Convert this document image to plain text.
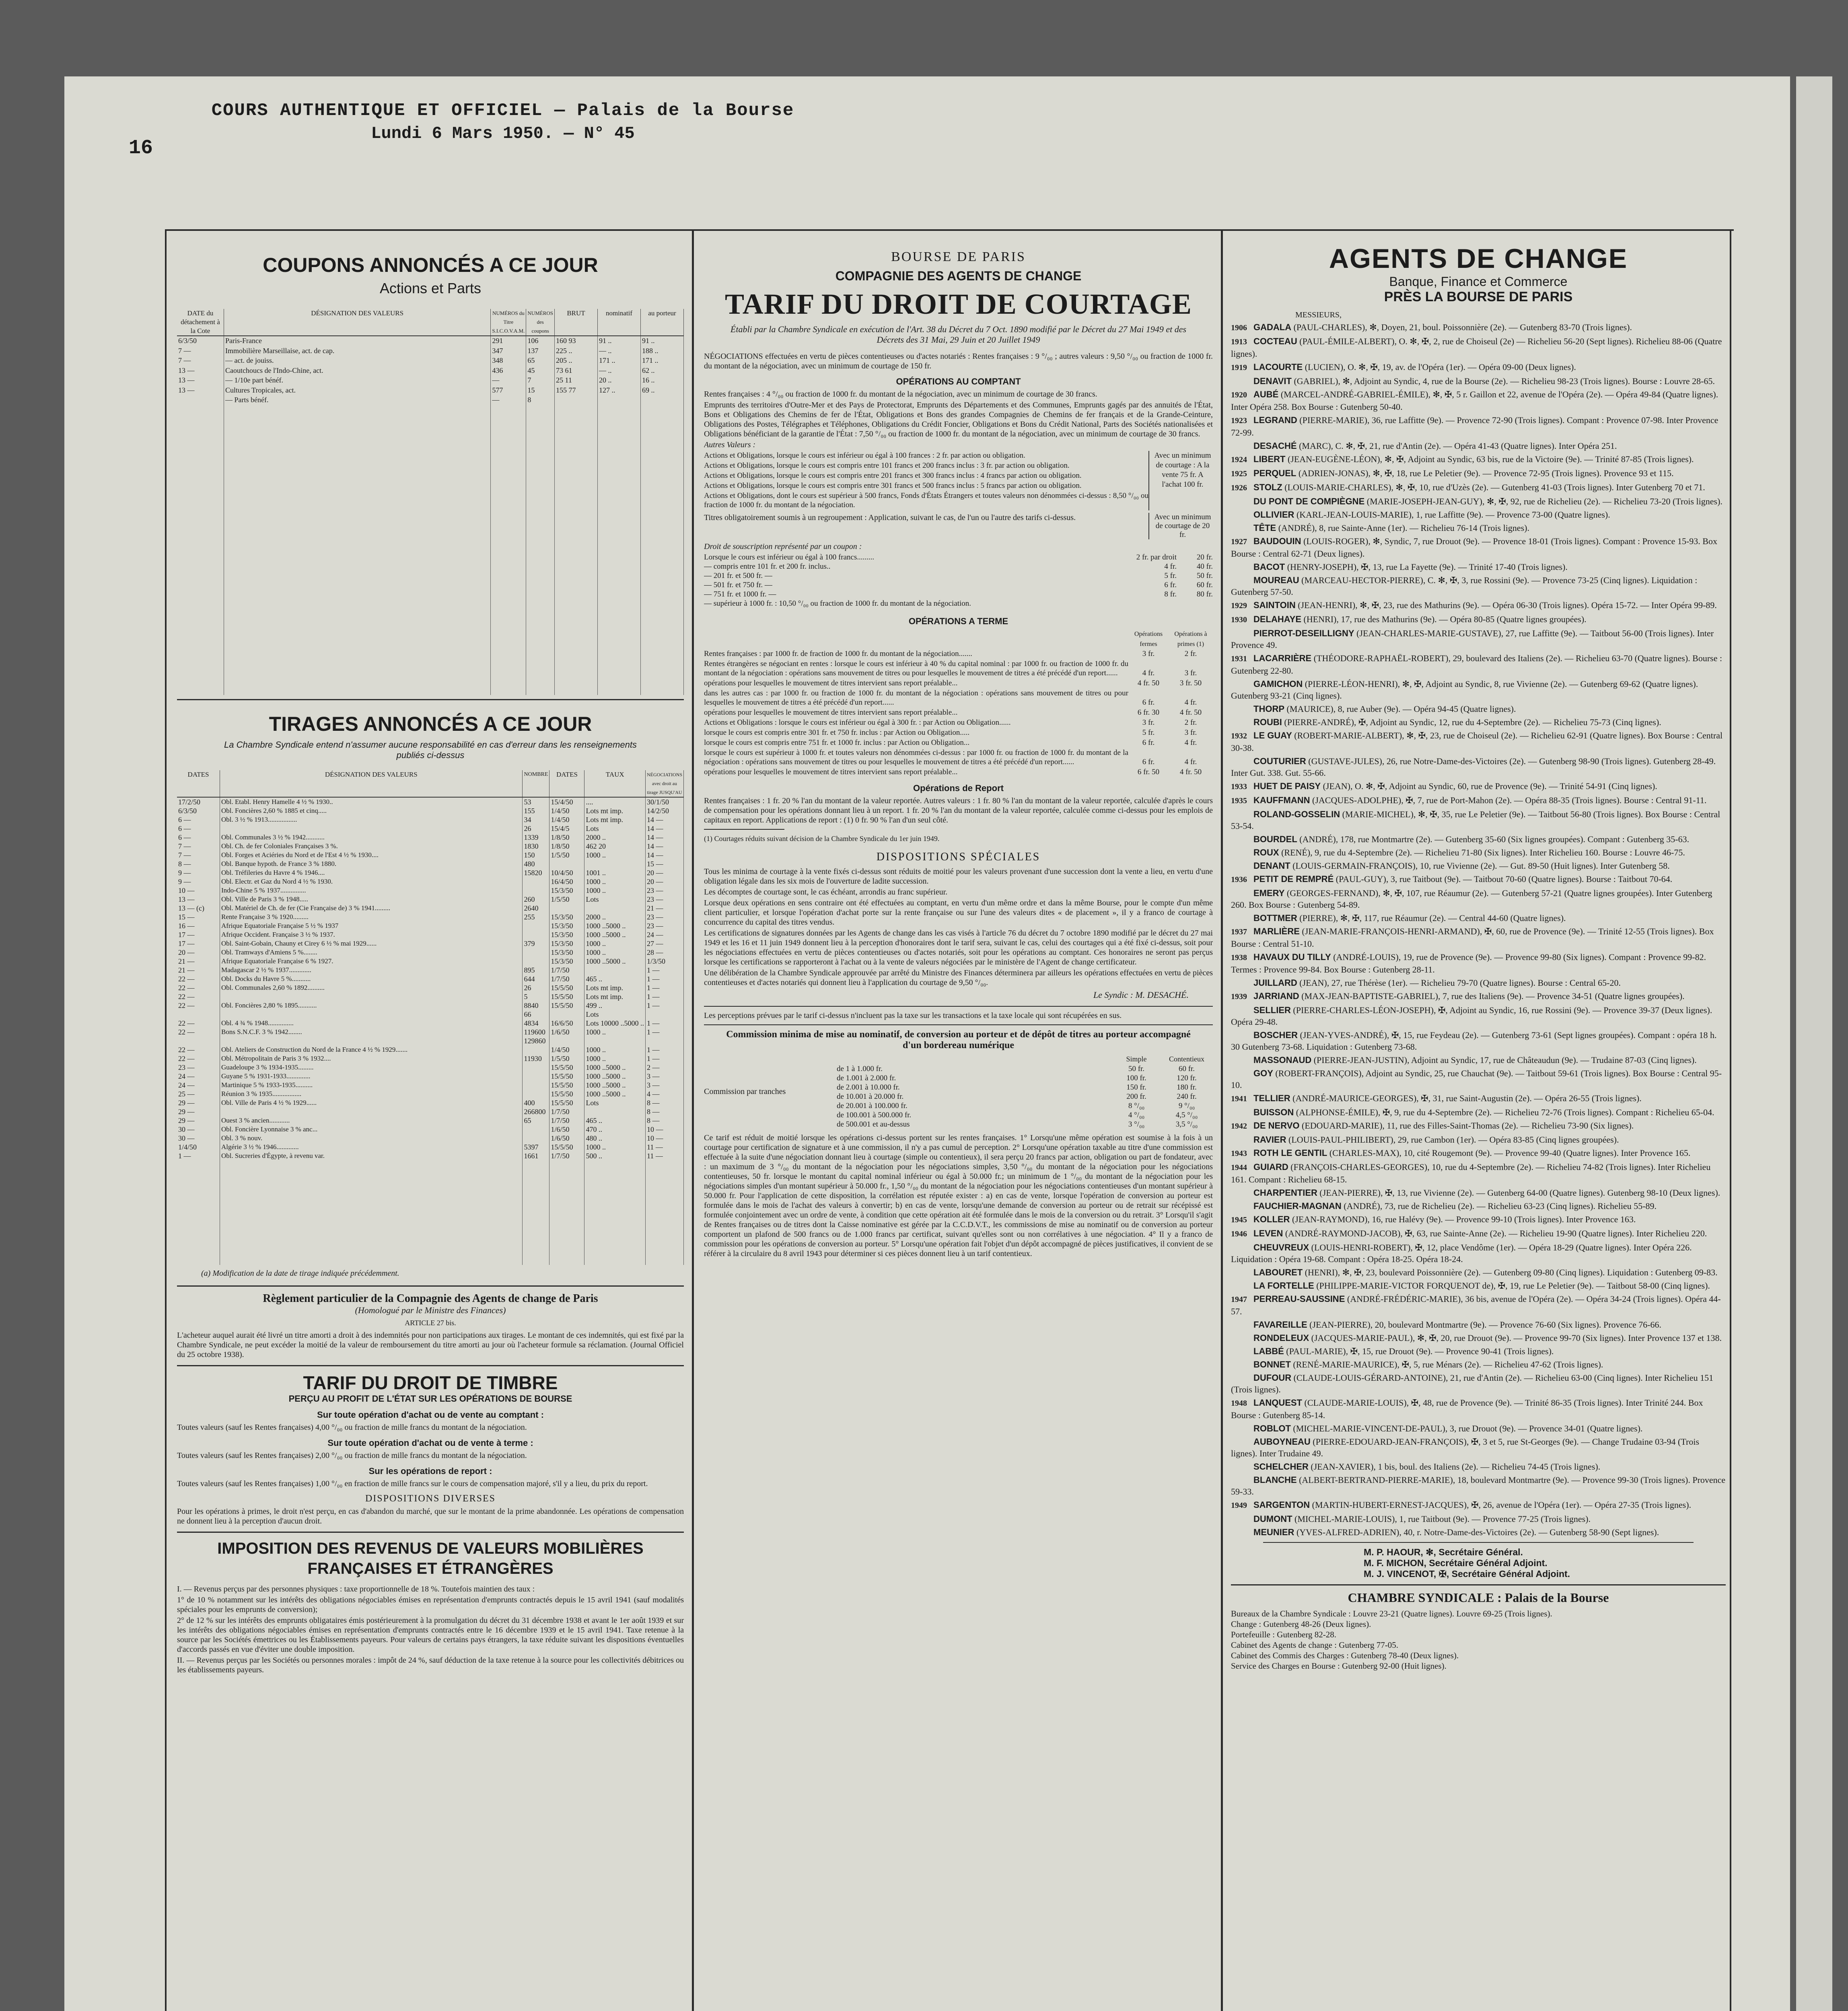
16
COURS AUTHENTIQUE ET OFFICIEL — Palais de la Bourse
Lundi 6 Mars 1950. — N° 45
COUPONS ANNONCÉS A CE JOUR
Actions et Parts
DATE du détachement à la Cote	DÉSIGNATION DES VALEURS	NUMÉROS du Titre S.I.C.O.V.A.M.	NUMÉROS des coupons	BRUT	nominatif	au porteur
6/3/50	Paris-France	291	106	160 93	91 ..	91 ..
7 —	Immobilière Marseillaise, act. de cap.	347	137	225 ..	— ..	188 ..
7 —	— act. de jouiss.	348	65	205 ..	171 ..	171 ..
13 —	Caoutchoucs de l'Indo-Chine, act.	436	45	73 61	— ..	62 ..
13 —	— 1/10e part bénéf.	—	7	25 11	20 ..	16 ..
13 —	Cultures Tropicales, act.	577	15	155 77	127 ..	69 ..
	— Parts bénéf.	—	8			

TIRAGES ANNONCÉS A CE JOUR
La Chambre Syndicale entend n'assumer aucune responsabilité en cas d'erreur dans les renseignements publiés ci-dessus
DATES	DÉSIGNATION DES VALEURS	NOMBRE	DATES	TAUX	NÉGOCIATIONS avec droit au tirage JUSQU'AU
17/2/50	Obl. Etabl. Henry Hamelle 4 ½ % 1930..	53	15/4/50	....	30/1/50
6/3/50	Obl. Foncières 2,60 % 1885 et cinq.....	155	1/4/50	Lots mt imp.	14/2/50
6 —	Obl. 3 ½ % 1913.................	34	1/4/50	Lots mt imp.	14 —
6 —		26	15/4/5	Lots	14 —
6 —	Obl. Communales 3 ½ % 1942...........	1339	1/8/50	2000 ..	14 —
7 —	Obl. Ch. de fer Coloniales Françaises 3 %.	1830	1/8/50	462 20	14 —
7 —	Obl. Forges et Aciéries du Nord et de l'Est 4 ½ % 1930....	150	1/5/50	1000 ..	14 —
8 —	Obl. Banque hypoth. de France 3 % 1880.	480			15 —
9 —	Obl. Tréfileries du Havre 4 % 1946....	15820	10/4/50	1001 ..	20 —
9 —	Obl. Electr. et Gaz du Nord 4 ½ % 1930.		16/4/50	1000 ..	20 —
10 —	Indo-Chine 5 % 1937...............		15/3/50	1000 ..	23 —
13 —	Obl. Ville de Paris 3 % 1948.....	260	1/5/50	Lots	23 —
13 — (c)	Obl. Matériel de Ch. de fer (Cie Française de) 3 % 1941.........	2640			21 —
15 —	Rente Française 3 % 1920.........	255	15/3/50	2000 ..	23 —
16 —	Afrique Equatoriale Française 5 ½ % 1937		15/3/50	1000 ..5000 ..	23 —
17 —	Afrique Occident. Française 3 ½ % 1937.		15/3/50	1000 ..5000 ..	24 —
17 —	Obl. Saint-Gobain, Chauny et Cirey 6 ½ % mai 1929......	379	15/3/50	1000 ..	27 —
20 —	Obl. Tramways d'Amiens 5 %........		15/3/50	1000 ..	28 —
21 —	Afrique Equatoriale Française 6 % 1927.		15/3/50	1000 ..5000 ..	1/3/50
21 —	Madagascar 2 ½ % 1937.............	895	1/7/50		1 —
22 —	Obl. Docks du Havre 5 %...........	644	1/7/50	465 ..	1 —
22 —	Obl. Communales 2,60 % 1892..........	26	15/5/50	Lots mt imp.	1 —
22 —		5	15/5/50	Lots mt imp.	1 —
22 —	Obl. Foncières 2,80 % 1895...........	8840	15/5/50	499 ..	1 —
		66		Lots	
22 —	Obl. 4 ¾ % 1948...............	4834	16/6/50	Lots 10000 ..5000 ..	1 —
22 —	Bons S.N.C.F. 3 % 1942........	119600	1/6/50	1000 ..	1 —
		129860			
22 —	Obl. Ateliers de Construction du Nord de la France 4 ½ % 1929.......		1/4/50	1000 ..	1 —
22 —	Obl. Métropolitain de Paris 3 % 1932....	11930	1/5/50	1000 ..	1 —
23 —	Guadeloupe 3 % 1934-1935.........		15/5/50	1000 ..5000 ..	2 —
24 —	Guyane 5 % 1931-1933..............		15/5/50	1000 ..5000 ..	3 —
24 —	Martinique 5 % 1933-1935..........		15/5/50	1000 ..5000 ..	3 —
25 —	Réunion 3 % 1935.................		15/5/50	1000 ..5000 ..	4 —
29 —	Obl. Ville de Paris 4 ½ % 1929......	400	15/5/50	Lots	8 —
29 —		266800	1/7/50		8 —
29 —	Ouest 3 % ancien............	65	1/7/50	465 ..	8 —
30 —	Obl. Foncière Lyonnaise 3 % anc...		1/6/50	470 ..	10 —
30 —	Obl. 3 % nouv.		1/6/50	480 ..	10 —
1/4/50	Algérie 3 ½ % 1946.............	5397	15/5/50	1000 ..	11 —
1 —	Obl. Sucreries d'Égypte, à revenu var.	1661	1/7/50	500 ..	11 —

(a) Modification de la date de tirage indiquée précédemment.
Règlement particulier de la Compagnie des Agents de change de Paris
(Homologué par le Ministre des Finances)
ARTICLE 27 bis.
L'acheteur auquel aurait été livré un titre amorti a droit à des indemnités pour non participations aux tirages. Le montant de ces indemnités, qui est fixé par la Chambre Syndicale, ne peut excéder la moitié de la valeur de remboursement du titre amorti au jour où l'acheteur formule sa réclamation. (Journal Officiel du 25 octobre 1938).
TARIF DU DROIT DE TIMBRE
PERÇU AU PROFIT DE L'ÉTAT SUR LES OPÉRATIONS DE BOURSE
Sur toute opération d'achat ou de vente au comptant :
Toutes valeurs (sauf les Rentes françaises) 4,00 °/₀₀ ou fraction de mille francs du montant de la négociation.
Sur toute opération d'achat ou de vente à terme :
Toutes valeurs (sauf les Rentes françaises) 2,00 °/₀₀ ou fraction de mille francs du montant de la négociation.
Sur les opérations de report :
Toutes valeurs (sauf les Rentes françaises) 1,00 °/₀₀ en fraction de mille francs sur le cours de compensation majoré, s'il y a lieu, du prix du report.
DISPOSITIONS DIVERSES
Pour les opérations à primes, le droit n'est perçu, en cas d'abandon du marché, que sur le montant de la prime abandonnée. Les opérations de compensation ne donnent lieu à la perception d'aucun droit.
IMPOSITION DES REVENUS DE VALEURS MOBILIÈRES FRANÇAISES ET ÉTRANGÈRES
I. — Revenus perçus par des personnes physiques : taxe proportionnelle de 18 %. Toutefois maintien des taux :
1° de 10 % notamment sur les intérêts des obligations négociables émises en représentation d'emprunts contractés depuis le 15 avril 1941 (sauf modalités spéciales pour les emprunts de conversion);
2° de 12 % sur les intérêts des emprunts obligataires émis postérieurement à la promulgation du décret du 31 décembre 1938 et avant le 1er août 1939 et sur les intérêts des obligations négociables émises en représentation d'emprunts contractés entre le 16 décembre 1939 et le 15 avril 1941. Taxe retenue à la source par les Sociétés émettrices ou les Établissements payeurs. Pour valeurs de certains pays étrangers, la taxe réduite suivant les dispositions éventuelles d'accords passés en vue d'éviter une double imposition.
II. — Revenus perçus par les Sociétés ou personnes morales : impôt de 24 %, sauf déduction de la taxe retenue à la source pour les collectivités débitrices ou les établissements payeurs.
BOURSE DE PARIS
COMPAGNIE DES AGENTS DE CHANGE
TARIF DU DROIT DE COURTAGE
Établi par la Chambre Syndicale en exécution de l'Art. 38 du Décret du 7 Oct. 1890 modifié par le Décret du 27 Mai 1949 et des Décrets des 31 Mai, 29 Juin et 20 Juillet 1949
NÉGOCIATIONS effectuées en vertu de pièces contentieuses ou d'actes notariés : Rentes françaises : 9 °/₀₀ ; autres valeurs : 9,50 °/₀₀ ou fraction de 1000 fr. du montant de la négociation, avec un minimum de courtage de 150 fr.
OPÉRATIONS AU COMPTANT
Rentes françaises : 4 °/₀₀ ou fraction de 1000 fr. du montant de la négociation, avec un minimum de courtage de 30 francs.
Emprunts des territoires d'Outre-Mer et des Pays de Protectorat, Emprunts des Départements et des Communes, Emprunts gagés par des annuités de l'État, Bons et Obligations des Chemins de fer de l'État, Obligations et Bons des grandes Compagnies de Chemins de fer français et de la Grande-Ceinture, Obligations des Postes, Télégraphes et Téléphones, Obligations du Crédit Foncier, Obligations et Bons du Crédit National, Parts des Sociétés nationalisées et Obligations bénéficiant de la garantie de l'État : 7,50 °/₀₀ ou fraction de 1000 fr. du montant de la négociation, avec un minimum de courtage de 30 francs.
Autres Valeurs :
Actions et Obligations, lorsque le cours est inférieur ou égal à 100 frances : 2 fr. par action ou obligation.
Actions et Obligations, lorsque le cours est compris entre 101 francs et 200 francs inclus : 3 fr. par action ou obligation.
Actions et Obligations, lorsque le cours est compris entre 201 francs et 300 francs inclus : 4 francs par action ou obligation.
Actions et Obligations, lorsque le cours est compris entre 301 francs et 500 francs inclus : 5 francs par action ou obligation.
Actions et Obligations, dont le cours est supérieur à 500 francs, Fonds d'États Étrangers et toutes valeurs non dénommées ci-dessus : 8,50 °/₀₀ ou fraction de 1000 fr. du montant de la négociation.
Avec un minimum de courtage : A la vente 75 fr. A l'achat 100 fr.
Titres obligatoirement soumis à un regroupement : Application, suivant le cas, de l'un ou l'autre des tarifs ci-dessus.	Avec un minimum de courtage de 20 fr.
Droit de souscription représenté par un coupon :
Lorsque le cours est inférieur ou égal à 100 francs.........	2 fr. par droit	20 fr.
— compris entre 101 fr. et 200 fr. inclus..	4 fr.	40 fr.
— 201 fr. et 500 fr. —	5 fr.	50 fr.
— 501 fr. et 750 fr. —	6 fr.	60 fr.
— 751 fr. et 1000 fr. —	8 fr.	80 fr.
— supérieur à 1000 fr. : 10,50 °/₀₀ ou fraction de 1000 fr. du montant de la négociation.
OPÉRATIONS A TERME
Opérations fermesOpérations à primes (1)
Rentes françaises : par 1000 fr. de fraction de 1000 fr. du montant de la négociation.......	3 fr.	2 fr.
Rentes étrangères se négociant en rentes : lorsque le cours est inférieur à 40 % du capital nominal : par 1000 fr. ou fraction de 1000 fr. du montant de la négociation : opérations sans mouvement de titres ou pour lesquelles le mouvement de titres a été précédé d'un report......	4 fr.	3 fr.
opérations pour lesquelles le mouvement de titres intervient sans report préalable...	4 fr. 50	3 fr. 50
dans les autres cas : par 1000 fr. ou fraction de 1000 fr. du montant de la négociation : opérations sans mouvement de titres ou pour lesquelles le mouvement de titres a été précédé d'un report......	6 fr.	4 fr.
opérations pour lesquelles le mouvement de titres intervient sans report préalable...	6 fr. 30	4 fr. 50
Actions et Obligations : lorsque le cours est inférieur ou égal à 300 fr. : par Action ou Obligation......	3 fr.	2 fr.
lorsque le cours est compris entre 301 fr. et 750 fr. inclus : par Action ou Obligation.....	5 fr.	3 fr.
lorsque le cours est compris entre 751 fr. et 1000 fr. inclus : par Action ou Obligation...	6 fr.	4 fr.
lorsque le cours est supérieur à 1000 fr. et toutes valeurs non dénommées ci-dessus : par 1000 fr. ou fraction de 1000 fr. du montant de la négociation : opérations sans mouvement de titres ou pour lesquelles le mouvement de titres a été précédé d'un report......	6 fr.	4 fr.
opérations pour lesquelles le mouvement de titres intervient sans report préalable...	6 fr. 50	4 fr. 50
Opérations de Report
Rentes françaises : 1 fr. 20 % l'an du montant de la valeur reportée. Autres valeurs : 1 fr. 80 % l'an du montant de la valeur reportée, calculée d'après le cours de compensation pour les opérations donnant lieu à un report. 1 fr. 20 % l'an du montant de la valeur reportée, calculée comme ci-dessus pour les emplois de capitaux en report. Applications de report : (1) 0 fr. 90 % l'an d'un seul côté.
(1) Courtages réduits suivant décision de la Chambre Syndicale du 1er juin 1949.
DISPOSITIONS SPÉCIALES
Tous les minima de courtage à la vente fixés ci-dessus sont réduits de moitié pour les valeurs provenant d'une succession dont la vente a lieu, en vertu d'une obligation légale dans les six mois de l'ouverture de ladite succession.
Les décomptes de courtage sont, le cas échéant, arrondis au franc supérieur.
Lorsque deux opérations en sens contraire ont été effectuées au comptant, en vertu d'un même ordre et dans la même Bourse, pour le compte d'un même client particulier, et lorsque l'opération d'achat porte sur la rente française ou sur l'une des valeurs dites « de placement », il y a franco de courtage à concurrence du capital des titres vendus.
Les certifications de signatures données par les Agents de change dans les cas visés à l'article 76 du décret du 7 octobre 1890 modifié par le décret du 27 mai 1949 et les 16 et 11 juin 1949 donnent lieu à la perception d'honoraires dont le tarif sera, suivant le cas, celui des courtages qui a été fixé ci-dessus, soit pour les négociations effectuées en vertu de pièces contentieuses ou d'actes notariés, soit pour les opérations au comptant. Ces honoraires ne seront pas perçus lorsque les certifications se rapporteront à l'achat ou à la vente de valeurs négociées par le ministère de l'Agent de change certificateur.
Une délibération de la Chambre Syndicale approuvée par arrêté du Ministre des Finances déterminera par ailleurs les opérations effectuées en vertu de pièces contentieuses et d'actes notariés qui donnent lieu à l'application du courtage de 9,50 °/₀₀.
Le Syndic : M. DESACHÉ.
Les perceptions prévues par le tarif ci-dessus n'incluent pas la taxe sur les transactions et la taxe locale qui sont récupérées en sus.
Commission minima de mise au nominatif, de conversion au porteur et de dépôt de titres au porteur accompagné d'un bordereau numérique
Commission par tranches
Simple	Contentieux
de 1 à 1.000 fr.	50 fr.	60 fr.
de 1.001 à 2.000 fr.	100 fr.	120 fr.
de 2.001 à 10.000 fr.	150 fr.	180 fr.
de 10.001 à 20.000 fr.	200 fr.	240 fr.
de 20.001 à 100.000 fr.	8 °/₀₀	9 °/₀₀
de 100.001 à 500.000 fr.	4 °/₀₀	4,5 °/₀₀
de 500.001 et au-dessus	3 °/₀₀	3,5 °/₀₀
Ce tarif est réduit de moitié lorsque les opérations ci-dessus portent sur les rentes françaises. 1° Lorsqu'une même opération est soumise à la fois à un courtage pour certification de signature et à une commission, il n'y a pas cumul de perception. 2° Lorsqu'une opération taxable au titre d'une commission est effectuée à la suite d'une négociation donnant lieu à courtage (simple ou contentieux), il sera perçu 20 francs par action, obligation ou part de fondateur, avec : un maximum de 3 °/₀₀ du montant de la négociation pour les négociations simples, 3,50 °/₀₀ du montant de la négociation pour les négociations contentieuses, 50 fr. lorsque le montant du capital nominal inférieur ou égal à 50.000 fr.; un minimum de 1 °/₀₀ du montant de la négociation pour les négociations simples d'un montant supérieur à 50.000 fr., 1,50 °/₀₀ du montant de la négociation pour les négociations contentieuses d'un montant supérieur à 50.000 fr. Pour l'application de cette disposition, la corrélation est réputée exister : a) en cas de vente, lorsque l'opération de conversion au porteur est formulée dans le mois de l'achat des valeurs à convertir; b) en cas de vente, lorsqu'une demande de conversion au porteur ou de retrait sur récépissé est formulée conjointement avec un ordre de vente, à condition que cette opération ait été formulée dans le mois de la conversion ou du retrait. 3° Lorsqu'il s'agit de Rentes françaises ou de titres dont la Caisse nominative est gérée par la C.C.D.V.T., les commissions de mise au nominatif ou de conversion au porteur comportent un plafond de 500 francs ou de 1.000 francs par certificat, suivant qu'elles sont ou non corrélatives à une négociation. 4° Il y a franco de commission pour les opérations de conversion au porteur. 5° Lorsqu'une opération fait l'objet d'un dépôt accompagné de pièces justificatives, il convient de se référer à la circulaire du 8 avril 1943 pour déterminer si ces pièces donnent lieu à un tarif contentieux.
AGENTS DE CHANGE
Banque, Finance et Commerce
PRÈS LA BOURSE DE PARIS
MESSIEURS,
1906 GADALA (PAUL-CHARLES), ✻, Doyen, 21, boul. Poissonnière (2e). — Gutenberg 83-70 (Trois lignes).
1913 COCTEAU (PAUL-ÉMILE-ALBERT), O. ✻, ✠, 2, rue de Choiseul (2e) — Richelieu 56-20 (Sept lignes). Richelieu 88-06 (Quatre lignes).
1919 LACOURTE (LUCIEN), O. ✻, ✠, 19, av. de l'Opéra (1er). — Opéra 09-00 (Deux lignes).
DENAVIT (GABRIEL), ✻, Adjoint au Syndic, 4, rue de la Bourse (2e). — Richelieu 98-23 (Trois lignes). Bourse : Louvre 28-65.
1920 AUBÉ (MARCEL-ANDRÉ-GABRIEL-ÉMILE), ✻, ✠, 5 r. Gaillon et 22, avenue de l'Opéra (2e). — Opéra 49-84 (Quatre lignes). Inter Opéra 258. Box Bourse : Gutenberg 50-40.
1923 LEGRAND (PIERRE-MARIE), 36, rue Laffitte (9e). — Provence 72-90 (Trois lignes). Compant : Provence 07-98. Inter Provence 72-99.
DESACHÉ (MARC), C. ✻, ✠, 21, rue d'Antin (2e). — Opéra 41-43 (Quatre lignes). Inter Opéra 251.
1924 LIBERT (JEAN-EUGÈNE-LÉON), ✻, ✠, Adjoint au Syndic, 63 bis, rue de la Victoire (9e). — Trinité 87-85 (Trois lignes).
1925 PERQUEL (ADRIEN-JONAS), ✻, ✠, 18, rue Le Peletier (9e). — Provence 72-95 (Trois lignes). Provence 93 et 115.
1926 STOLZ (LOUIS-MARIE-CHARLES), ✻, ✠, 10, rue d'Uzès (2e). — Gutenberg 41-03 (Trois lignes). Inter Gutenberg 70 et 71.
DU PONT DE COMPIÈGNE (MARIE-JOSEPH-JEAN-GUY), ✻, ✠, 92, rue de Richelieu (2e). — Richelieu 73-20 (Trois lignes).
OLLIVIER (KARL-JEAN-LOUIS-MARIE), 1, rue Laffitte (9e). — Provence 73-00 (Quatre lignes).
TÊTE (ANDRÉ), 8, rue Sainte-Anne (1er). — Richelieu 76-14 (Trois lignes).
1927 BAUDOUIN (LOUIS-ROGER), ✻, Syndic, 7, rue Drouot (9e). — Provence 18-01 (Trois lignes). Compant : Provence 15-93. Box Bourse : Central 62-71 (Deux lignes).
BACOT (HENRY-JOSEPH), ✠, 13, rue La Fayette (9e). — Trinité 17-40 (Trois lignes).
MOUREAU (MARCEAU-HECTOR-PIERRE), C. ✻, ✠, 3, rue Rossini (9e). — Provence 73-25 (Cinq lignes). Liquidation : Gutenberg 57-50.
1929 SAINTOIN (JEAN-HENRI), ✻, ✠, 23, rue des Mathurins (9e). — Opéra 06-30 (Trois lignes). Opéra 15-72. — Inter Opéra 99-89.
1930 DELAHAYE (HENRI), 17, rue des Mathurins (9e). — Opéra 80-85 (Quatre lignes groupées).
PIERROT-DESEILLIGNY (JEAN-CHARLES-MARIE-GUSTAVE), 27, rue Laffitte (9e). — Taitbout 56-00 (Trois lignes). Inter Provence 49.
1931 LACARRIÈRE (THÉODORE-RAPHAËL-ROBERT), 29, boulevard des Italiens (2e). — Richelieu 63-70 (Quatre lignes). Bourse : Gutenberg 22-80.
GAMICHON (PIERRE-LÉON-HENRI), ✻, ✠, Adjoint au Syndic, 8, rue Vivienne (2e). — Gutenberg 69-62 (Quatre lignes). Gutenberg 93-21 (Cinq lignes).
THORP (MAURICE), 8, rue Auber (9e). — Opéra 94-45 (Quatre lignes).
ROUBI (PIERRE-ANDRÉ), ✠, Adjoint au Syndic, 12, rue du 4-Septembre (2e). — Richelieu 75-73 (Cinq lignes).
1932 LE GUAY (ROBERT-MARIE-ALBERT), ✻, ✠, 23, rue de Choiseul (2e). — Richelieu 62-91 (Quatre lignes). Box Bourse : Central 30-38.
COUTURIER (GUSTAVE-JULES), 26, rue Notre-Dame-des-Victoires (2e). — Gutenberg 98-90 (Trois lignes). Gutenberg 28-49. Inter Gut. 338. Gut. 55-66.
1933 HUET DE PAISY (JEAN), O. ✻, ✠, Adjoint au Syndic, 60, rue de Provence (9e). — Trinité 54-91 (Cinq lignes).
1935 KAUFFMANN (JACQUES-ADOLPHE), ✠, 7, rue de Port-Mahon (2e). — Opéra 88-35 (Trois lignes). Bourse : Central 91-11.
ROLAND-GOSSELIN (MARIE-MICHEL), ✻, ✠, 35, rue Le Peletier (9e). — Taitbout 56-80 (Trois lignes). Box Bourse : Central 53-54.
BOURDEL (ANDRÉ), 178, rue Montmartre (2e). — Gutenberg 35-60 (Six lignes groupées). Compant : Gutenberg 35-63.
ROUX (RENÉ), 9, rue du 4-Septembre (2e). — Richelieu 71-80 (Six lignes). Inter Richelieu 160. Bourse : Louvre 46-75.
DENANT (LOUIS-GERMAIN-FRANÇOIS), 10, rue Vivienne (2e). — Gut. 89-50 (Huit lignes). Inter Gutenberg 58.
1936 PETIT DE REMPRÉ (PAUL-GUY), 3, rue Taitbout (9e). — Taitbout 70-60 (Quatre lignes). Bourse : Taitbout 70-64.
EMERY (GEORGES-FERNAND), ✻, ✠, 107, rue Réaumur (2e). — Gutenberg 57-21 (Quatre lignes groupées). Inter Gutenberg 260. Box Bourse : Gutenberg 54-89.
BOTTMER (PIERRE), ✻, ✠, 117, rue Réaumur (2e). — Central 44-60 (Quatre lignes).
1937 MARLIÈRE (JEAN-MARIE-FRANÇOIS-HENRI-ARMAND), ✠, 60, rue de Provence (9e). — Trinité 12-55 (Trois lignes). Box Bourse : Central 51-10.
1938 HAVAUX DU TILLY (ANDRÉ-LOUIS), 19, rue de Provence (9e). — Provence 99-80 (Six lignes). Compant : Provence 99-82. Termes : Provence 99-84. Box Bourse : Gutenberg 28-11.
JUILLARD (JEAN), 27, rue Thérèse (1er). — Richelieu 79-70 (Quatre lignes). Bourse : Central 65-20.
1939 JARRIAND (MAX-JEAN-BAPTISTE-GABRIEL), 7, rue des Italiens (9e). — Provence 34-51 (Quatre lignes groupées).
SELLIER (PIERRE-CHARLES-LÉON-JOSEPH), ✠, Adjoint au Syndic, 16, rue Rossini (9e). — Provence 39-37 (Deux lignes). Opéra 29-48.
BOSCHER (JEAN-YVES-ANDRÉ), ✠, 15, rue Feydeau (2e). — Gutenberg 73-61 (Sept lignes groupées). Compant : opéra 18 h. 30 Gutenberg 73-68. Liquidation : Gutenberg 73-68.
MASSONAUD (PIERRE-JEAN-JUSTIN), Adjoint au Syndic, 17, rue de Châteaudun (9e). — Trudaine 87-03 (Cinq lignes).
GOY (ROBERT-FRANÇOIS), Adjoint au Syndic, 25, rue Chauchat (9e). — Taitbout 59-61 (Trois lignes). Box Bourse : Central 95-10.
1941 TELLIER (ANDRÉ-MAURICE-GEORGES), ✠, 31, rue Saint-Augustin (2e). — Opéra 26-55 (Trois lignes).
BUISSON (ALPHONSE-ÉMILE), ✠, 9, rue du 4-Septembre (2e). — Richelieu 72-76 (Trois lignes). Compant : Richelieu 65-04.
1942 DE NERVO (EDOUARD-MARIE), 11, rue des Filles-Saint-Thomas (2e). — Richelieu 73-90 (Six lignes).
RAVIER (LOUIS-PAUL-PHILIBERT), 29, rue Cambon (1er). — Opéra 83-85 (Cinq lignes groupées).
1943 ROTH LE GENTIL (CHARLES-MAX), 10, cité Rougemont (9e). — Provence 99-40 (Quatre lignes). Inter Provence 165.
1944 GUIARD (FRANÇOIS-CHARLES-GEORGES), 10, rue du 4-Septembre (2e). — Richelieu 74-82 (Trois lignes). Inter Richelieu 161. Compant : Richelieu 68-15.
CHARPENTIER (JEAN-PIERRE), ✠, 13, rue Vivienne (2e). — Gutenberg 64-00 (Quatre lignes). Gutenberg 98-10 (Deux lignes).
FAUCHIER-MAGNAN (ANDRÉ), 73, rue de Richelieu (2e). — Richelieu 63-23 (Cinq lignes). Richelieu 55-89.
1945 KOLLER (JEAN-RAYMOND), 16, rue Halévy (9e). — Provence 99-10 (Trois lignes). Inter Provence 163.
1946 LEVEN (ANDRÉ-RAYMOND-JACOB), ✠, 63, rue Sainte-Anne (2e). — Richelieu 19-90 (Quatre lignes). Inter Richelieu 220.
CHEUVREUX (LOUIS-HENRI-ROBERT), ✠, 12, place Vendôme (1er). — Opéra 18-29 (Quatre lignes). Inter Opéra 226. Liquidation : Opéra 19-68. Compant : Opéra 18-25. Opéra 18-24.
LABOURET (HENRI), ✻, ✠, 23, boulevard Poissonnière (2e). — Gutenberg 09-80 (Cinq lignes). Liquidation : Gutenberg 09-83.
LA FORTELLE (PHILIPPE-MARIE-VICTOR FORQUENOT de), ✠, 19, rue Le Peletier (9e). — Taitbout 58-00 (Cinq lignes).
1947 PERREAU-SAUSSINE (ANDRÉ-FRÉDÉRIC-MARIE), 36 bis, avenue de l'Opéra (2e). — Opéra 34-24 (Trois lignes). Opéra 44-57.
FAVAREILLE (JEAN-PIERRE), 20, boulevard Montmartre (9e). — Provence 76-60 (Six lignes). Provence 76-66.
RONDELEUX (JACQUES-MARIE-PAUL), ✻, ✠, 20, rue Drouot (9e). — Provence 99-70 (Six lignes). Inter Provence 137 et 138.
LABBÉ (PAUL-MARIE), ✠, 15, rue Drouot (9e). — Provence 90-41 (Trois lignes).
BONNET (RENÉ-MARIE-MAURICE), ✠, 5, rue Ménars (2e). — Richelieu 47-62 (Trois lignes).
DUFOUR (CLAUDE-LOUIS-GÉRARD-ANTOINE), 21, rue d'Antin (2e). — Richelieu 63-00 (Cinq lignes). Inter Richelieu 151 (Trois lignes).
1948 LANQUEST (CLAUDE-MARIE-LOUIS), ✠, 48, rue de Provence (9e). — Trinité 86-35 (Trois lignes). Inter Trinité 244. Box Bourse : Gutenberg 85-14.
ROBLOT (MICHEL-MARIE-VINCENT-DE-PAUL), 3, rue Drouot (9e). — Provence 34-01 (Quatre lignes).
AUBOYNEAU (PIERRE-EDOUARD-JEAN-FRANÇOIS), ✠, 3 et 5, rue St-Georges (9e). — Change Trudaine 03-94 (Trois lignes). Inter Trudaine 49.
SCHELCHER (JEAN-XAVIER), 1 bis, boul. des Italiens (2e). — Richelieu 74-45 (Trois lignes).
BLANCHE (ALBERT-BERTRAND-PIERRE-MARIE), 18, boulevard Montmartre (9e). — Provence 99-30 (Trois lignes). Provence 59-33.
1949 SARGENTON (MARTIN-HUBERT-ERNEST-JACQUES), ✠, 26, avenue de l'Opéra (1er). — Opéra 27-35 (Trois lignes).
DUMONT (MICHEL-MARIE-LOUIS), 1, rue Taitbout (9e). — Provence 77-25 (Trois lignes).
MEUNIER (YVES-ALFRED-ADRIEN), 40, r. Notre-Dame-des-Victoires (2e). — Gutenberg 58-90 (Sept lignes).
M. P. HAOUR, ✻, Secrétaire Général.
M. F. MICHON, Secrétaire Général Adjoint.
M. J. VINCENOT, ✠, Secrétaire Général Adjoint.
CHAMBRE SYNDICALE : Palais de la Bourse
Bureaux de la Chambre Syndicale : Louvre 23-21 (Quatre lignes). Louvre 69-25 (Trois lignes).
Change : Gutenberg 48-26 (Deux lignes).
Portefeuille : Gutenberg 82-28.
Cabinet des Agents de change : Gutenberg 77-05.
Cabinet des Commis des Charges : Gutenberg 78-40 (Deux lignes).
Service des Charges en Bourse : Gutenberg 92-00 (Huit lignes).
